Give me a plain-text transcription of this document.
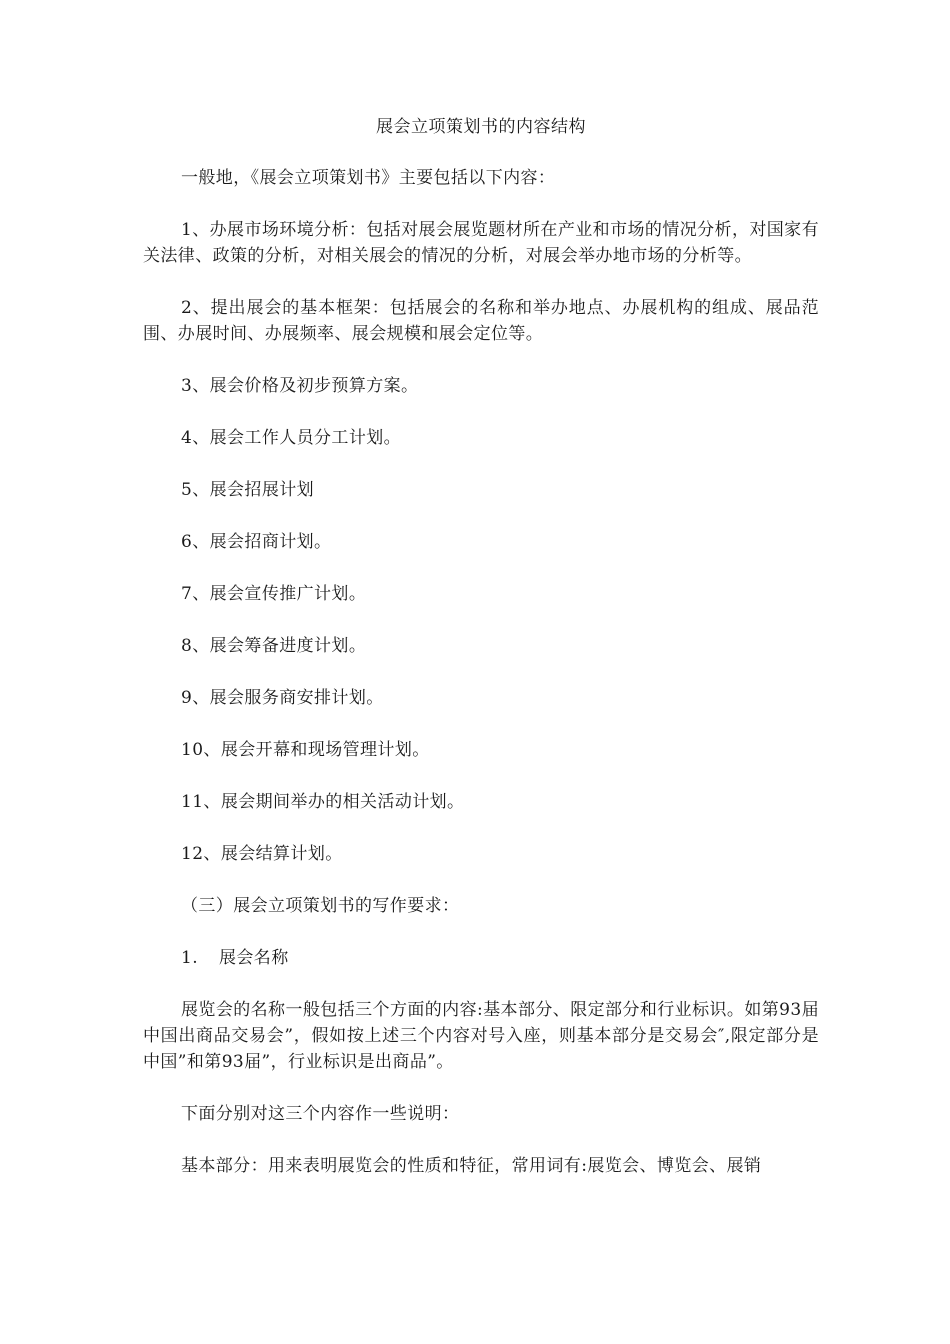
展会立项策划书的内容结构
一般地，《展会立项策划书》主要包括以下内容：
1、办展市场环境分析：包括对展会展览题材所在产业和市场的情况分析，对国家有关法律、政策的分析，对相关展会的情况的分析，对展会举办地市场的分析等。
2、提出展会的基本框架：包括展会的名称和举办地点、办展机构的组成、展品范围、办展时间、办展频率、展会规模和展会定位等。
3、展会价格及初步预算方案。
4、展会工作人员分工计划。
5、展会招展计划
6、展会招商计划。
7、展会宣传推广计划。
8、展会筹备进度计划。
9、展会服务商安排计划。
10、展会开幕和现场管理计划。
11、展会期间举办的相关活动计划。
12、展会结算计划。
（三）展会立项策划书的写作要求：
1. 展会名称
展览会的名称一般包括三个方面的内容:基本部分、限定部分和行业标识。如第93届中国出商品交易会”，假如按上述三个内容对号入座，则基本部分是交易会″,限定部分是中国”和第93届”，行业标识是出商品”。
下面分别对这三个内容作一些说明：
基本部分：用来表明展览会的性质和特征，常用词有:展览会、博览会、展销
